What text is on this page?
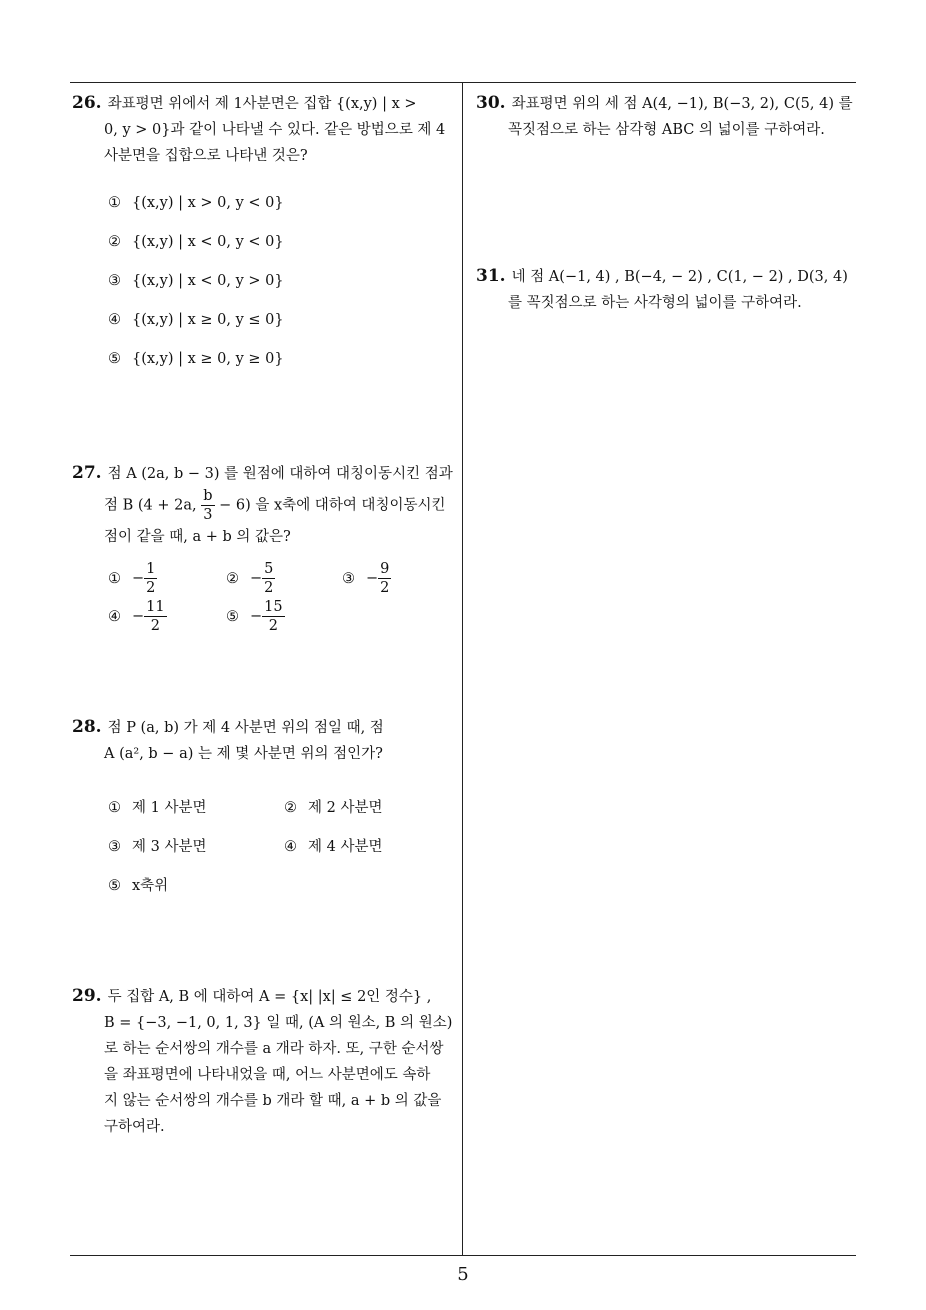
26. 좌표평면 위에서 제 1사분면은 집합 {(x,y) | x >
0, y > 0}과 같이 나타낼 수 있다. 같은 방법으로 제 4
사분면을 집합으로 나타낸 것은?
① {(x,y) | x > 0, y < 0}
② {(x,y) | x < 0, y < 0}
③ {(x,y) | x < 0, y > 0}
④ {(x,y) | x ≥ 0, y ≤ 0}
⑤ {(x,y) | x ≥ 0, y ≥ 0}
27. 점 A (2a, b − 3) 를 원점에 대하여 대칭이동시킨 점과
점 B (4 + 2a, $\frac{b}{3} - 6$) 을 x축에 대하여 대칭이동시킨
점이 같을 때, a + b 의 값은?
① − $\frac{1}{2}$	② − $\frac{5}{2}$	③ − $\frac{9}{2}$
④ − $\frac{11}{2}$	⑤ − $\frac{15}{2}$
28. 점 P (a, b) 가 제 4 사분면 위의 점일 때, 점
A (a², b − a) 는 제 몇 사분면 위의 점인가?
① 제 1 사분면	② 제 2 사분면
③ 제 3 사분면	④ 제 4 사분면
⑤ x축위
29. 두 집합 A, B 에 대하여 A = {x| |x| ≤ 2인 정수} ,
B = {−3, −1, 0, 1, 3} 일 때, (A 의 원소, B 의 원소)
로 하는 순서쌍의 개수를 a 개라 하자. 또, 구한 순서쌍
을 좌표평면에 나타내었을 때, 어느 사분면에도 속하
지 않는 순서쌍의 개수를 b 개라 할 때, a + b 의 값을
구하여라.
30. 좌표평면 위의 세 점 A(4, −1), B(−3, 2), C(5, 4) 를
꼭짓점으로 하는 삼각형 ABC 의 넓이를 구하여라.
31. 네 점 A(−1, 4) , B(−4, − 2) , C(1, − 2) , D(3, 4)
를 꼭짓점으로 하는 사각형의 넓이를 구하여라.
5
